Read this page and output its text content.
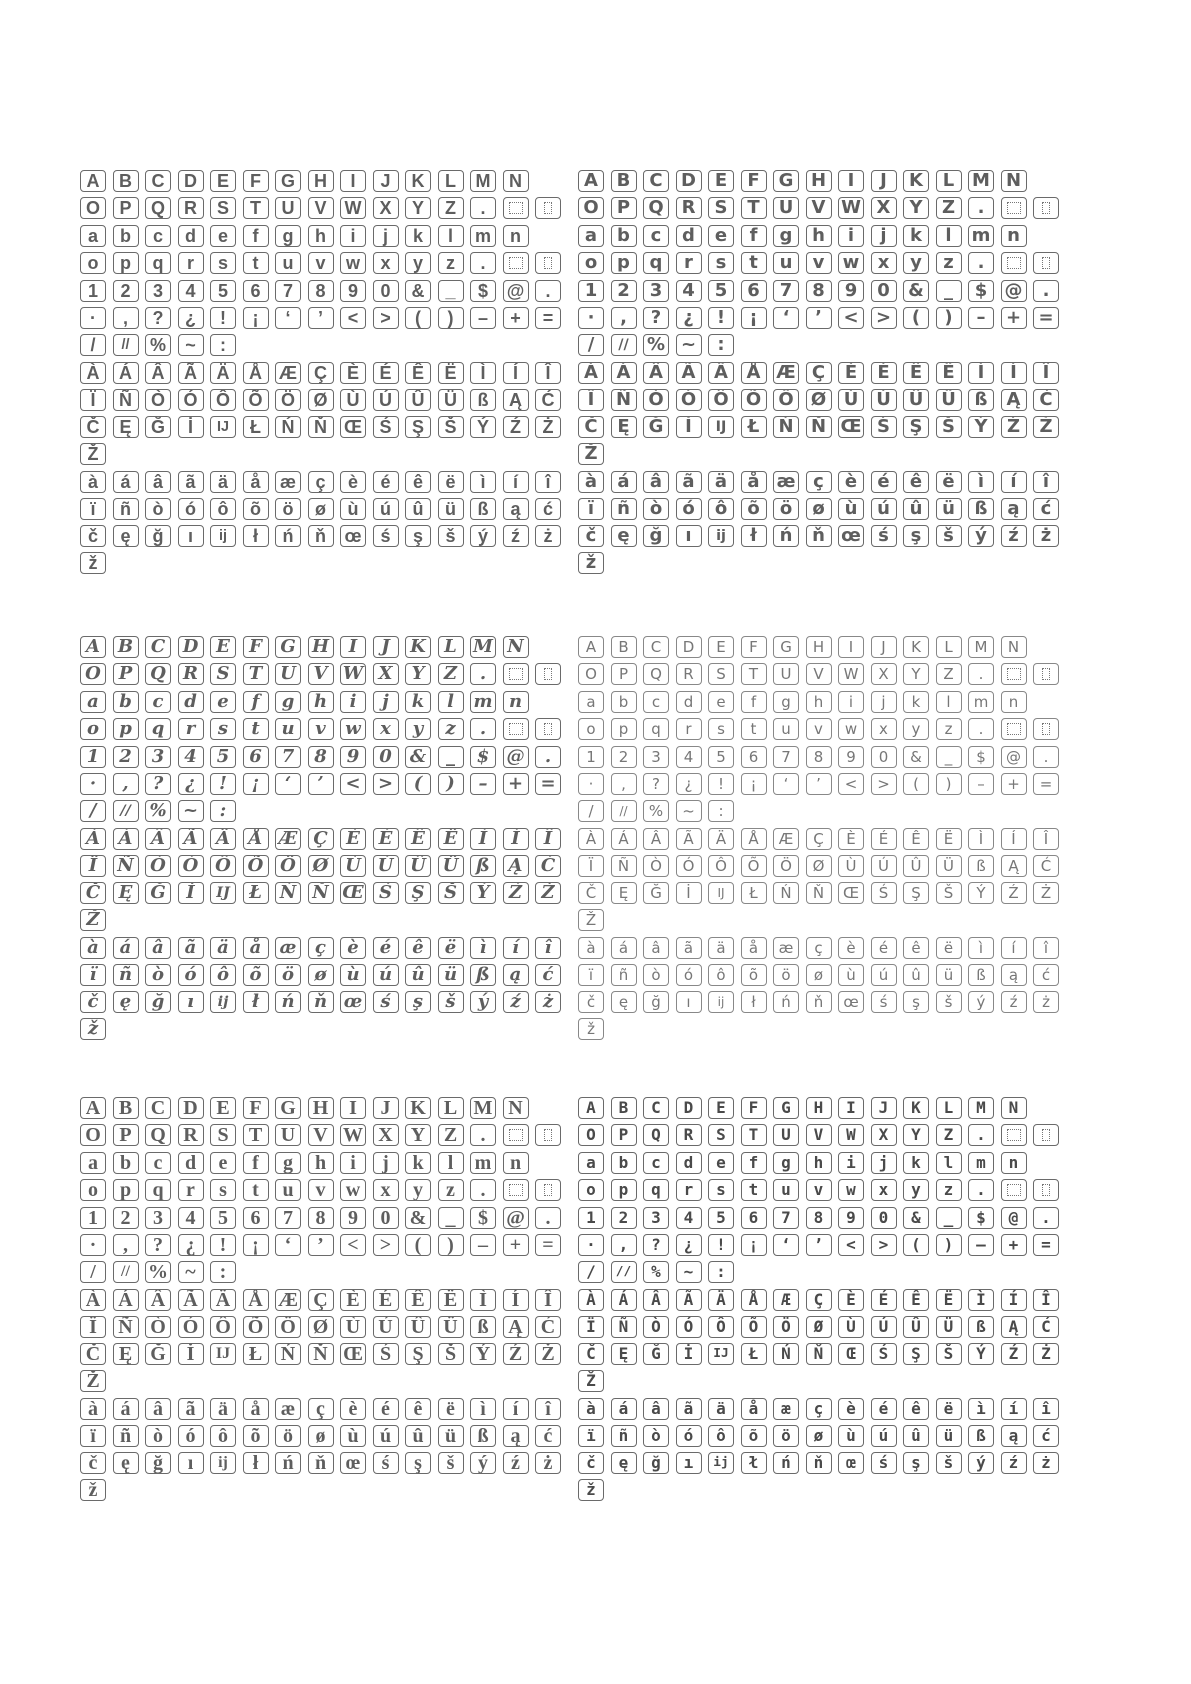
A B C D E F G H I J K L M N
O P Q R S T U V W X Y Z .
a b c d e f g h i j k l m n
o p q r s t u v w x y z .
1 2 3 4 5 6 7 8 9 0 & _ $ @ .
· , ? ¿ ! ¡ ‘ ’ < > ( ) – + =
/ // % ~ :
À Á Â Ã Ä Å Æ Ç È É Ê Ë Ì Í Î
Ï Ñ Ò Ó Ô Õ Ö Ø Ù Ú Û Ü ß Ą Ć
Č Ę Ğ İ IJ Ł Ń Ň Œ Ś Ş Š Ý Ź Ż
Ž
à á â ã ä å æ ç è é ê ë ì í î
ï ñ ò ó ô õ ö ø ù ú û ü ß ą ć
č ę ğ ı ij ł ń ň œ ś ş š ý ź ż
ž
A B C D E F G H I J K L M N
O P Q R S T U V W X Y Z .
a b c d e f g h i j k l m n
o p q r s t u v w x y z .
1 2 3 4 5 6 7 8 9 0 & _ $ @ .
· , ? ¿ ! ¡ ‘ ’ < > ( ) – + =
/ // % ~ :
À Á Â Ã Ä Å Æ Ç È É Ê Ë Ì Í Î
Ï Ñ Ò Ó Ô Õ Ö Ø Ù Ú Û Ü ß Ą Ć
Č Ę Ğ İ IJ Ł Ń Ň Œ Ś Ş Š Ý Ź Ż
Ž
à á â ã ä å æ ç è é ê ë ì í î
ï ñ ò ó ô õ ö ø ù ú û ü ß ą ć
č ę ğ ı ij ł ń ň œ ś ş š ý ź ż
ž
A B C D E F G H I J K L M N
O P Q R S T U V W X Y Z .
a b c d e f g h i j k l m n
o p q r s t u v w x y z .
1 2 3 4 5 6 7 8 9 0 & _ $ @ .
· , ? ¿ ! ¡ ‘ ’ < > ( ) – + =
/ // % ~ :
À Á Â Ã Ä Å Æ Ç È É Ê Ë Ì Í Î
Ï Ñ Ò Ó Ô Õ Ö Ø Ù Ú Û Ü ß Ą Ć
Č Ę Ğ İ IJ Ł Ń Ň Œ Ś Ş Š Ý Ź Ż
Ž
à á â ã ä å æ ç è é ê ë ì í î
ï ñ ò ó ô õ ö ø ù ú û ü ß ą ć
č ę ğ ı ij ł ń ň œ ś ş š ý ź ż
ž
A B C D E F G H I J K L M N
O P Q R S T U V W X Y Z .
a b c d e f g h i j k l m n
o p q r s t u v w x y z .
1 2 3 4 5 6 7 8 9 0 & _ $ @ .
· , ? ¿ ! ¡ ‘ ’ < > ( ) – + =
/ // % ~ :
À Á Â Ã Ä Å Æ Ç È É Ê Ë Ì Í Î
Ï Ñ Ò Ó Ô Õ Ö Ø Ù Ú Û Ü ß Ą Ć
Č Ę Ğ İ IJ Ł Ń Ň Œ Ś Ş Š Ý Ź Ż
Ž
à á â ã ä å æ ç è é ê ë ì í î
ï ñ ò ó ô õ ö ø ù ú û ü ß ą ć
č ę ğ ı ij ł ń ň œ ś ş š ý ź ż
ž
A B C D E F G H I J K L M N
O P Q R S T U V W X Y Z .
a b c d e f g h i j k l m n
o p q r s t u v w x y z .
1 2 3 4 5 6 7 8 9 0 & _ $ @ .
· , ? ¿ ! ¡ ‘ ’ < > ( ) – + =
/ // % ~ :
À Á Â Ã Ä Å Æ Ç È É Ê Ë Ì Í Î
Ï Ñ Ò Ó Ô Õ Ö Ø Ù Ú Û Ü ß Ą Ć
Č Ę Ğ İ IJ Ł Ń Ň Œ Ś Ş Š Ý Ź Ż
Ž
à á â ã ä å æ ç è é ê ë ì í î
ï ñ ò ó ô õ ö ø ù ú û ü ß ą ć
č ę ğ ı ij ł ń ň œ ś ş š ý ź ż
ž
A B C D E F G H I J K L M N
O P Q R S T U V W X Y Z .
a b c d e f g h i j k l m n
o p q r s t u v w x y z .
1 2 3 4 5 6 7 8 9 0 & _ $ @ .
· , ? ¿ ! ¡ ‘ ’ < > ( ) – + =
/ // % ~ :
À Á Â Ã Ä Å Æ Ç È É Ê Ë Ì Í Î
Ï Ñ Ò Ó Ô Õ Ö Ø Ù Ú Û Ü ß Ą Ć
Č Ę Ğ İ IJ Ł Ń Ň Œ Ś Ş Š Ý Ź Ż
Ž
à á â ã ä å æ ç è é ê ë ì í î
ï ñ ò ó ô õ ö ø ù ú û ü ß ą ć
č ę ğ ı ij ł ń ň œ ś ş š ý ź ż
ž
